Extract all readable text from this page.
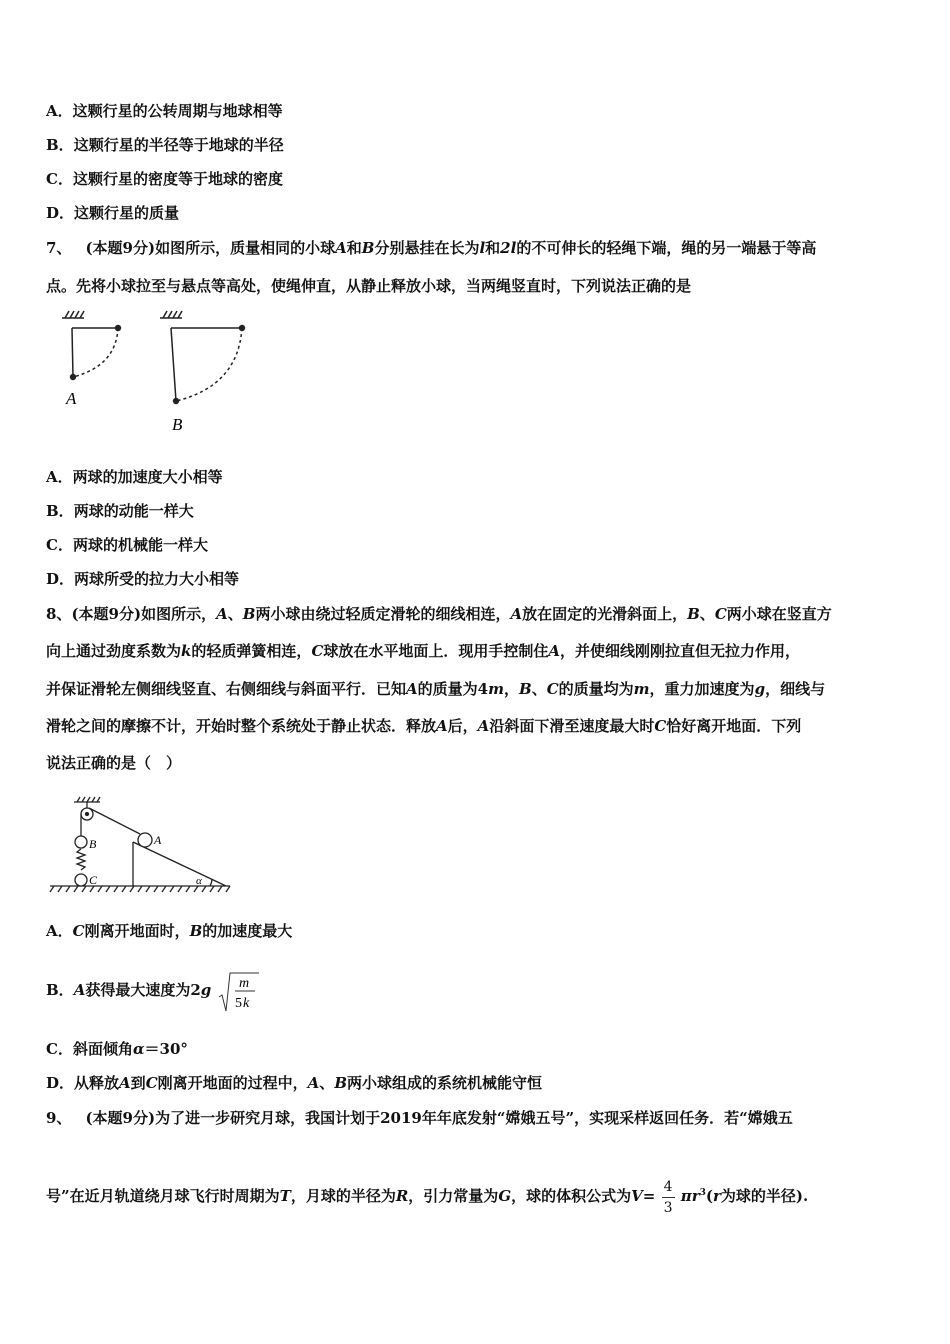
A．这颗行星的公转周期与地球相等
B．这颗行星的半径等于地球的半径
C．这颗行星的密度等于地球的密度
D．这颗行星的质量
7、 (本题9分)如图所示，质量相同的小球A和B分别悬挂在长为l和2l的不可伸长的轻绳下端，绳的另一端悬于等高
点。先将小球拉至与悬点等高处，使绳伸直，从静止释放小球，当两绳竖直时，下列说法正确的是
A
B
A．两球的加速度大小相等
B．两球的动能一样大
C．两球的机械能一样大
D．两球所受的拉力大小相等
8、(本题9分)如图所示，A、B两小球由绕过轻质定滑轮的细线相连，A放在固定的光滑斜面上，B、C两小球在竖直方
向上通过劲度系数为k的轻质弹簧相连，C球放在水平地面上．现用手控制住A，并使细线刚刚拉直但无拉力作用，
并保证滑轮左侧细线竖直、右侧细线与斜面平行．已知A的质量为4m，B、C的质量均为m，重力加速度为g，细线与
滑轮之间的摩擦不计，开始时整个系统处于静止状态．释放A后，A沿斜面下滑至速度最大时C恰好离开地面．下列
说法正确的是（　）
A
B
C	α
A．C刚离开地面时，B的加速度最大
B．A获得最大速度为2g m
5 k
C．斜面倾角α＝30°
D．从释放A到C刚离开地面的过程中，A、B两小球组成的系统机械能守恒
9、 (本题9分)为了进一步研究月球，我国计划于2019年年底发射“嫦娥五号”，实现采样返回任务．若“嫦娥五
号”在近月轨道绕月球飞行时周期为T，月球的半径为R，引力常量为G，球的体积公式为$V= \frac{4}{3} \pi r^3(r$为球的半径).
